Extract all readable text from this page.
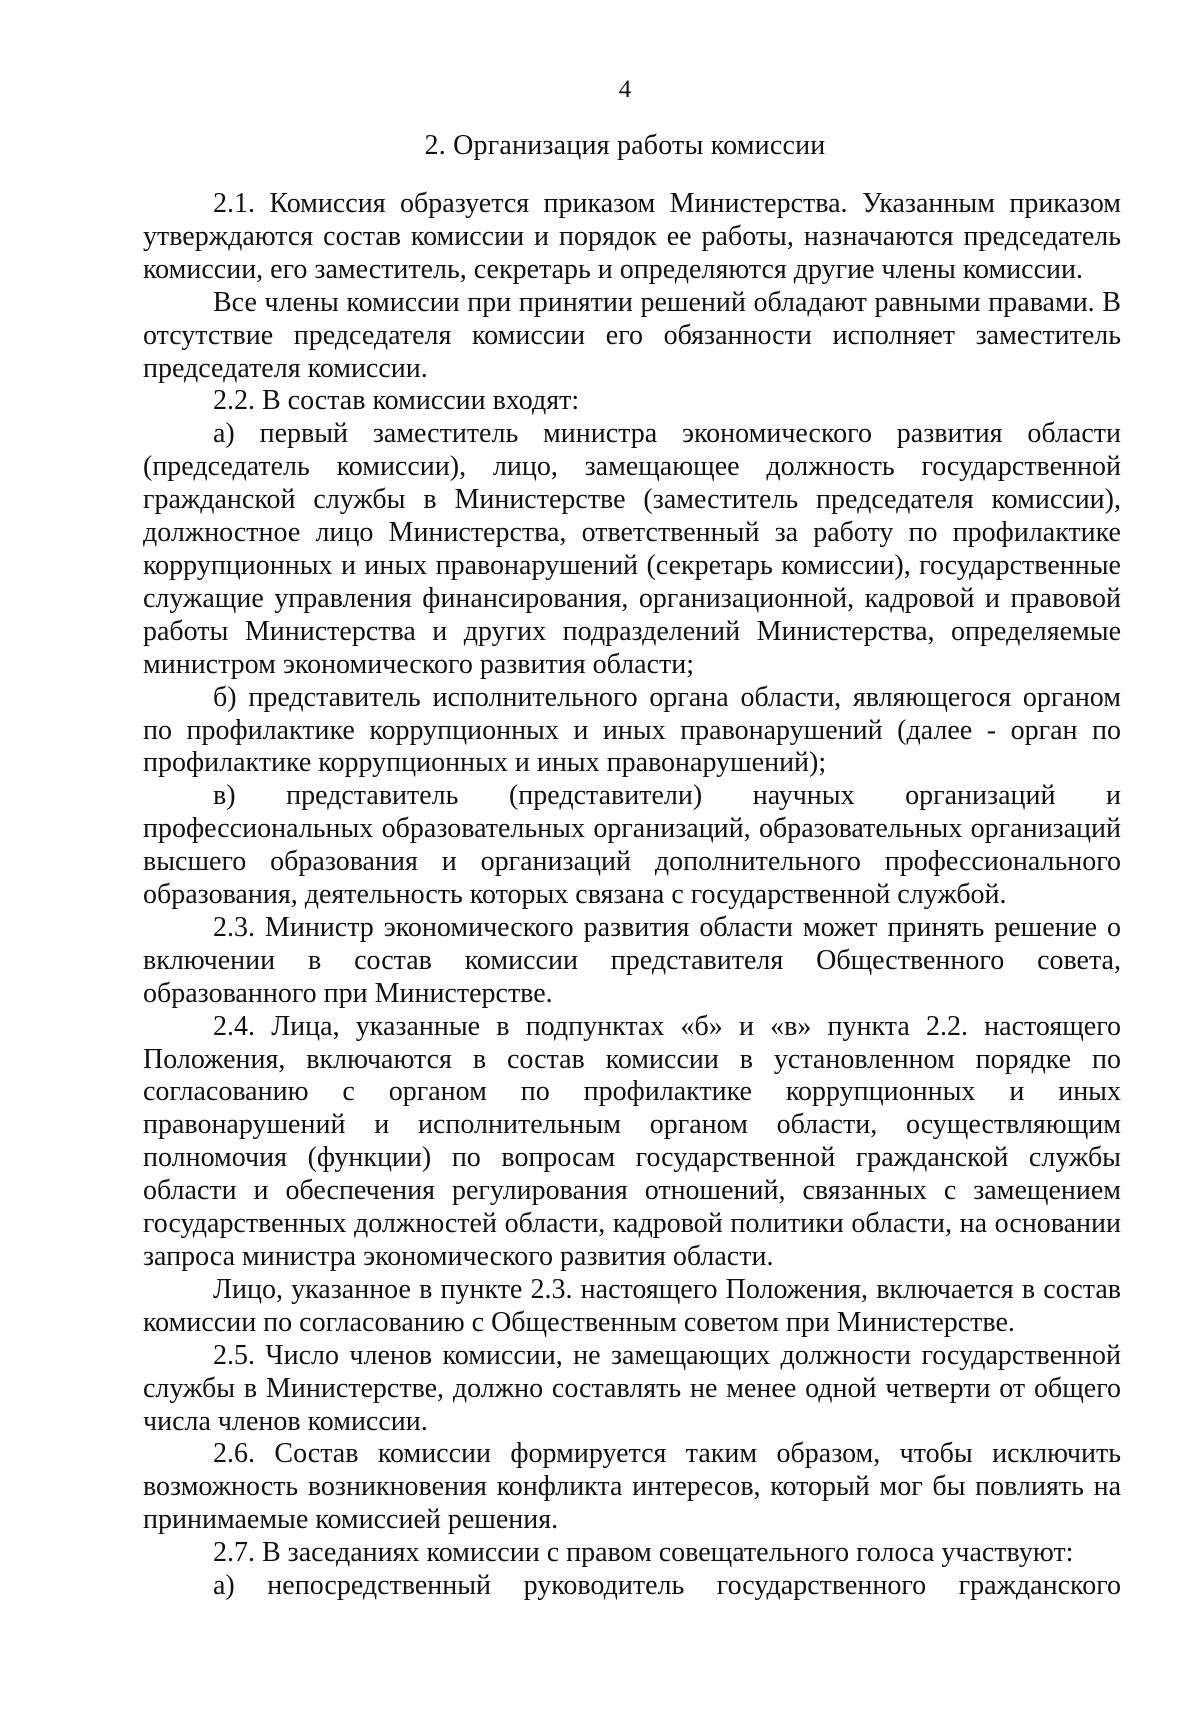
4
2. Организация работы комиссии

2.1. Комиссия образуется приказом Министерства. Указанным приказом утверждаются состав комиссии и порядок ее работы, назначаются председатель комиссии, его заместитель, секретарь и определяются другие члены комиссии.

Все члены комиссии при принятии решений обладают равными правами. В отсутствие председателя комиссии его обязанности исполняет заместитель председателя комиссии.

2.2. В состав комиссии входят:

а) первый заместитель министра экономического развития области (председатель комиссии), лицо, замещающее должность государственной гражданской службы в Министерстве (заместитель председателя комиссии), должностное лицо Министерства, ответственный за работу по профилактике коррупционных и иных правонарушений (секретарь комиссии), государственные служащие управления финансирования, организационной, кадровой и правовой работы Министерства и других подразделений Министерства, определяемые министром экономического развития области;

б) представитель исполнительного органа области, являющегося органом по профилактике коррупционных и иных правонарушений (далее - орган по профилактике коррупционных и иных правонарушений);

в) представитель (представители) научных организаций и профессиональных образовательных организаций, образовательных организаций высшего образования и организаций дополнительного профессионального образования, деятельность которых связана с государственной службой.

2.3. Министр экономического развития области может принять решение о включении в состав комиссии представителя Общественного совета, образованного при Министерстве.

2.4. Лица, указанные в подпунктах «б» и «в» пункта 2.2. настоящего Положения, включаются в состав комиссии в установленном порядке по согласованию с органом по профилактике коррупционных и иных правонарушений и исполнительным органом области, осуществляющим полномочия (функции) по вопросам государственной гражданской службы области и обеспечения регулирования отношений, связанных с замещением государственных должностей области, кадровой политики области, на основании запроса министра экономического развития области.

Лицо, указанное в пункте 2.3. настоящего Положения, включается в состав комиссии по согласованию с Общественным советом при Министерстве.

2.5. Число членов комиссии, не замещающих должности государственной службы в Министерстве, должно составлять не менее одной четверти от общего числа членов комиссии.

2.6. Состав комиссии формируется таким образом, чтобы исключить возможность возникновения конфликта интересов, который мог бы повлиять на принимаемые комиссией решения.

2.7. В заседаниях комиссии с правом совещательного голоса участвуют:

а) непосредственный руководитель государственного гражданского
